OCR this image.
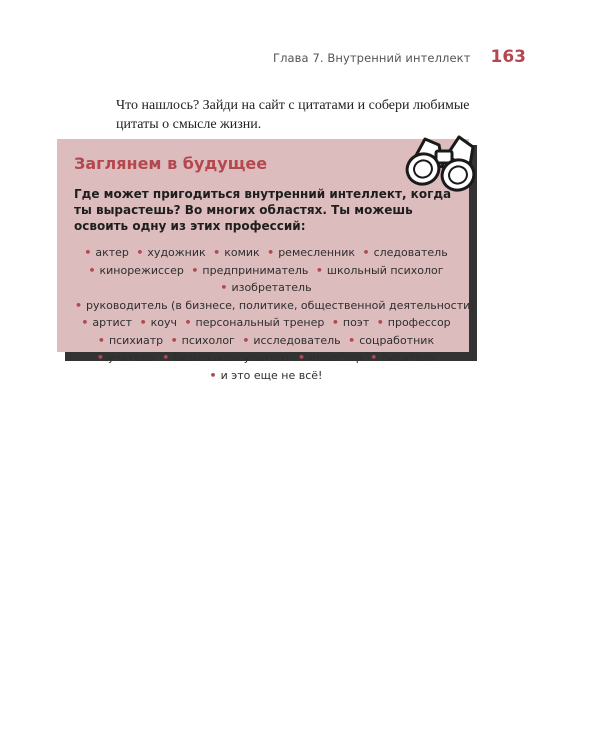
Глава 7. Внутренний интеллект 163

Что нашлось? Зайди на сайт с цитатами и собери любимые цитаты о смысле жизни.

Заглянем в будущее
Где может пригодиться внутренний интеллект, когда ты вырастешь? Во многих областях. Ты можешь освоить одну из этих профессий:
• актер • художник • комик • ремесленник • следователь • кинорежиссер • предприниматель • школьный психолог • изобретатель • руководитель (в бизнесе, политике, общественной деятельности) • артист • коуч • персональный тренер • поэт • профессор • психиатр • психолог • исследователь • соцработник • учитель • бизнес-консультант • инвестор • писатель • и это еще не всё!
